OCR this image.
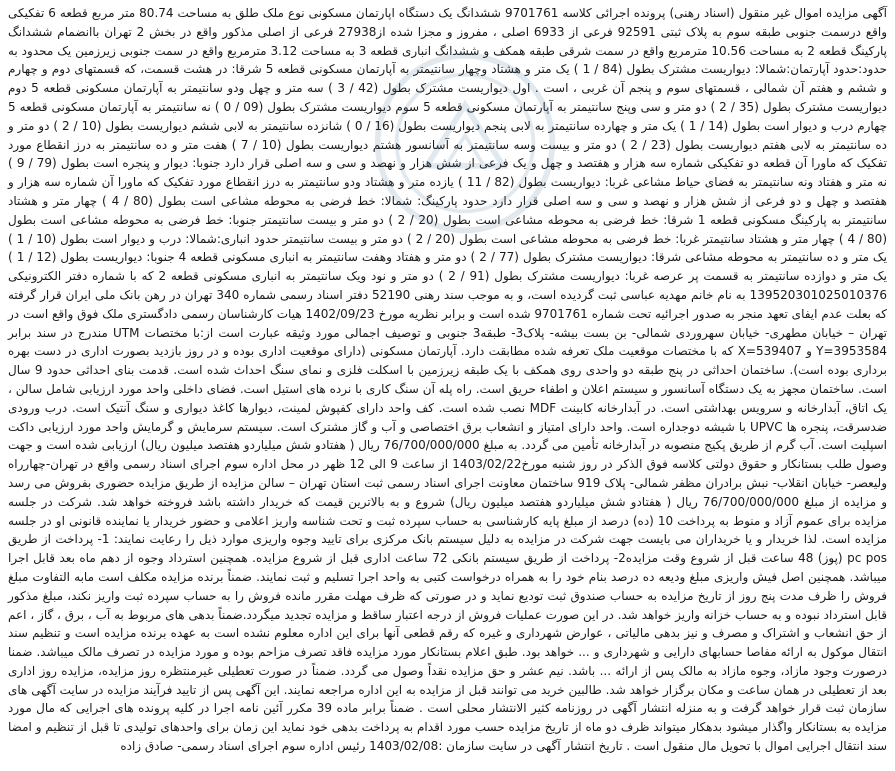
آگهی مزایده اموال غیر منقول (اسناد رهنی) پرونده اجرائی کلاسه 9701761 ششدانگ یک دستگاه اپارتمان مسکونی نوع ملک طلق به مساحت 80.74 متر مربع قطعه 6 تفکیکی واقع درسمت جنوبی طبقه سوم به پلاک ثبتی 92591 فرعی از 6933 اصلی ، مفروز و مجزا شده از27938 فرعی از اصلی مذکور واقع در بخش 2 تهران باانضمام ششدانگ پارکینگ قطعه 2 به مساحت 10.56 مترمربع واقع در سمت شرقی طبقه همکف و ششدانگ انباری قطعه 3 به مساحت 3.12 مترمربع واقع در سمت جنوبی زیرزمین یک محدود به حدود:حدود آپارتمان:شمالا: دیواریست مشترک بطول (84 / 1 ) یک متر و هشتاد وچهار سانتیمتر به آپارتمان مسکونی قطعه 5 شرقا: در هشت قسمت، که قسمتهای دوم و چهارم و ششم و هفتم آن شمالی ، قسمتهای سوم و پنجم آن غربی ، است . اول دیواریست مشترک بطول (42 / 3 ) سه متر و چهل ودو سانتیمتر به آپارتمان مسکونی قطعه 5 دوم دیواریست مشترک بطول (35 / 2 ) دو متر و سی وپنج سانتیمتر به آپارتمان مسکونی قطعه 5 سوم دیواریست مشترک بطول (09 / 0 ) نه سانتیمتر به آپارتمان مسکونی قطعه 5 چهارم درب و دیوار است بطول (14 / 1 ) یک متر و چهارده سانتیمتر به لابی پنجم دیواریست بطول (16 / 0 ) شانزده سانتیمتر به لابی ششم دیواریست بطول (10 / 2 ) دو متر و ده سانتیمتر به لابی هفتم دیواریست بطول (23 / 2 ) دو متر و بیست وسه سانتیمتر به آسانسور هشتم دیواریست بطول (10 / 7 ) هفت متر و ده سانتیمتر به درز انقطاع مورد تفکیک که ماورا آن قطعه دو تفکیکی شماره سه هزار و هفتصد و چهل و یک فرعی از شش هزار و نهصد و سی و سه اصلی قرار دارد جنوبا: دیوار و پنجره است بطول (79 / 9 ) نه متر و هفتاد ونه سانتیمتر به فضای حیاط مشاعی غربا: دیواریست بطول (82 / 11 ) یازده متر و هشتاد ودو سانتیمتر به درز انقطاع مورد تفکیک که ماورا آن شماره سه هزار و هفتصد و چهل و دو فرعی از شش هزار و نهصد و سی و سه اصلی قرار دارد حدود پارکینگ: شمالا: خط فرضی به محوطه مشاعی است بطول (80 / 4 ) چهار متر و هشتاد سانتیمتر به پارکینگ مسکونی قطعه 1 شرقا: خط فرضی به محوطه مشاعی است بطول (20 / 2 ) دو متر و بیست سانتیمتر جنوبا: خط فرضی به محوطه مشاعی است بطول (80 / 4 ) چهار متر و هشتاد سانتیمتر غربا: خط فرضی به محوطه مشاعی است بطول (20 / 2 ) دو متر و بیست سانتیمتر حدود انباری:شمالا: درب و دیوار است بطول (10 / 1 ) یک متر و ده سانتیمتر به محوطه مشاعی شرقا: دیواریست مشترک بطول (77 / 2 ) دو متر و هفتاد وهفت سانتیمتر به انباری مسکونی قطعه 4 جنوبا: دیواریست بطول (12 / 1 ) یک متر و دوازده سانتیمتر به قسمت پر عرصه غربا: دیواریست مشترک بطول (91 / 2 ) دو متر و نود ویک سانتیمتر به انباری مسکونی قطعه 2 که با شماره دفتر الکترونیکی 139520301025010376 به نام خانم مهدیه عباسی ثبت گردیده است، و به موجب سند رهنی 52190 دفتر اسناد رسمی شماره 340 تهران در رهن بانک ملی ایران قرار گرفته که بعلت عدم ایفای تعهد منجر به صدور اجرائیه تحت شماره 9701761 شده است و برابر نظریه مورخ 1402/09/23 هیات کارشناسان رسمی دادگستری ملک فوق واقع است در تهران – خیابان مطهری- خیابان سهروردی شمالی- بن بست بیشه- پلاک3- طبقه3 جنوبی و توصیف اجمالی مورد وثیقه عبارت است از:با مختصات UTM مندرج در سند برابر Y=3953584 و X=539407 که با مختصات موقعیت ملک تعرفه شده مطابقت دارد. آپارتمان مسکونی (دارای موقعیت اداری بوده و در روز بازدید بصورت اداری در دست بهره برداری بوده است). ساختمان احداثی در پنج طبقه دو واحدی روی همکف با یک طبقه زیرزمین با اسکلت فلزی و نمای سنگ احداث شده است. قدمت بنای احداثی حدود 9 سال است. ساختمان مجهز به یک دستگاه آسانسور و سیستم اعلان و اطفاء حریق است. راه پله آن سنگ کاری با نرده های استیل است. فضای داخلی واحد مورد ارزیابی شامل سالن ، یک اتاق، آبدارخانه و سرویس بهداشتی است. در آبدارخانه کابینت MDF نصب شده است. کف واحد دارای کفپوش لمینت، دیوارها کاغذ دیواری و سنگ آنتیک است. درب ورودی ضدسرقت، پنجره ها UPVC با شیشه دوجداره است. واحد دارای امتیاز و انشعاب برق اختصاصی و آب و گاز مشترک است. سیستم سرمایش و گرمایش واحد مورد ارزیابی داکت اسپلیت است. آب گرم از طریق پکیج منصوبه در آبدارخانه تأمین می گردد. به مبلغ 76/700/000/000 ریال ( هفتادو شش میلیاردو هفتصد میلیون ریال) ارزیابی شده است و جهت وصول طلب بستانکار و حقوق دولتی کلاسه فوق الذکر در روز شنبه مورخ1403/02/22 از ساعت 9 الی 12 ظهر در محل اداره سوم اجرای اسناد رسمی واقع در تهران-چهارراه ولیعصر- خیابان انقلاب- نبش برادران مظفر شمالی- پلاک 919 ساختمان معاونت اجرای اسناد رسمی ثبت استان تهران – سالن مزایده از طریق مزایده حضوری بفروش می رسد و مزایده از مبلغ 76/700/000/000 ریال ( هفتادو شش میلیاردو هفتصد میلیون ریال) شروع و به بالاترین قیمت که خریدار داشته باشد فروخته خواهد شد. شرکت در جلسه مزایده برای عموم آزاد و منوط به پرداخت 10 (ده) درصد از مبلغ پایه کارشناسی به حساب سپرده ثبت و تحت شناسه واریز اعلامی و حضور خریدار یا نماینده قانونی او در جلسه مزایده است. لذا خریدار و یا خریداران می بایست جهت شرکت در مزایده به دلیل سیستم بانک مرکزی برای تایید وجوه واریزی موارد ذیل را رعایت نمایند: 1- پرداخت از طریق pc pos (پوز) 48 ساعت قبل از شروع وقت مزایده2- پرداخت از طریق سیستم بانکی 72 ساعت اداری قبل از شروع مزایده. همچنین استرداد وجوه از دهم ماه بعد قابل اجرا میباشد. همچنین اصل فیش واریزی مبلغ ودیعه ده درصد بنام خود را به همراه درخواست کتبی به واحد اجرا تسلیم و ثبت نمایند. ضمناً برنده مزایده مکلف است مابه التفاوت مبلغ فروش را ظرف مدت پنج روز از تاریخ مزایده به حساب صندوق ثبت تودیع نماید و در صورتی که ظرف مهلت مقرر مانده فروش را به حساب سپرده ثبت واریز نکند، مبلغ مذکور قابل استرداد نبوده و به حساب خزانه واریز خواهد شد. در این صورت عملیات فروش از درجه اعتبار ساقط و مزایده تجدید میگردد.ضمناً بدهی های مربوط به آب ، برق ، گاز ، اعم از حق انشعاب و اشتراک و مصرف و نیز بدهی مالیاتی ، عوارض شهرداری و غیره که رقم قطعی آنها برای این اداره معلوم نشده است به عهده برنده مزایده است و تنظیم سند انتقال موکول به ارائه مفاصا حسابهای دارایی و شهرداری و ... خواهد بود. طبق اعلام بستانکار مورد مزایده فاقد تصرف مزاحم بوده و مورد مزایده در تصرف مالک میباشد. ضمنا درصورت وجود مازاد، وجوه مازاد به مالک پس از ارائه ... باشد. نیم عشر و حق مزایده نقداً وصول می گردد. ضمناً در صورت تعطیلی غیرمنتظره روز مزایده، مزایده روز اداری بعد از تعطیلی در همان ساعت و مکان برگزار خواهد شد. طالبین خرید می توانند قبل از مزایده به این اداره مراجعه نمایند. این آگهی پس از تایید فرآیند مزایده در سایت آگهی های سازمان ثبت قرار خواهد گرفت و به منزله انتشار آگهی در روزنامه کثیر الانتشار محلی است . ضمناً برابر ماده 39 مکرر آئین نامه اجرا در کلیه پرونده های اجرایی که مال مورد مزایده به بستانکار واگذار میشود بدهکار میتواند ظرف دو ماه از تاریخ مزایده حسب مورد اقدام به پرداخت بدهی خود نماید این زمان برای واحدهای تولیدی تا قبل از تنظیم و امضا سند انتقال اجرایی اموال با تحویل مال منقول است . تاریخ انتشار آگهی در سایت سازمان :1403/02/08 رئیس اداره سوم اجرای اسناد رسمی- صادق زاده
